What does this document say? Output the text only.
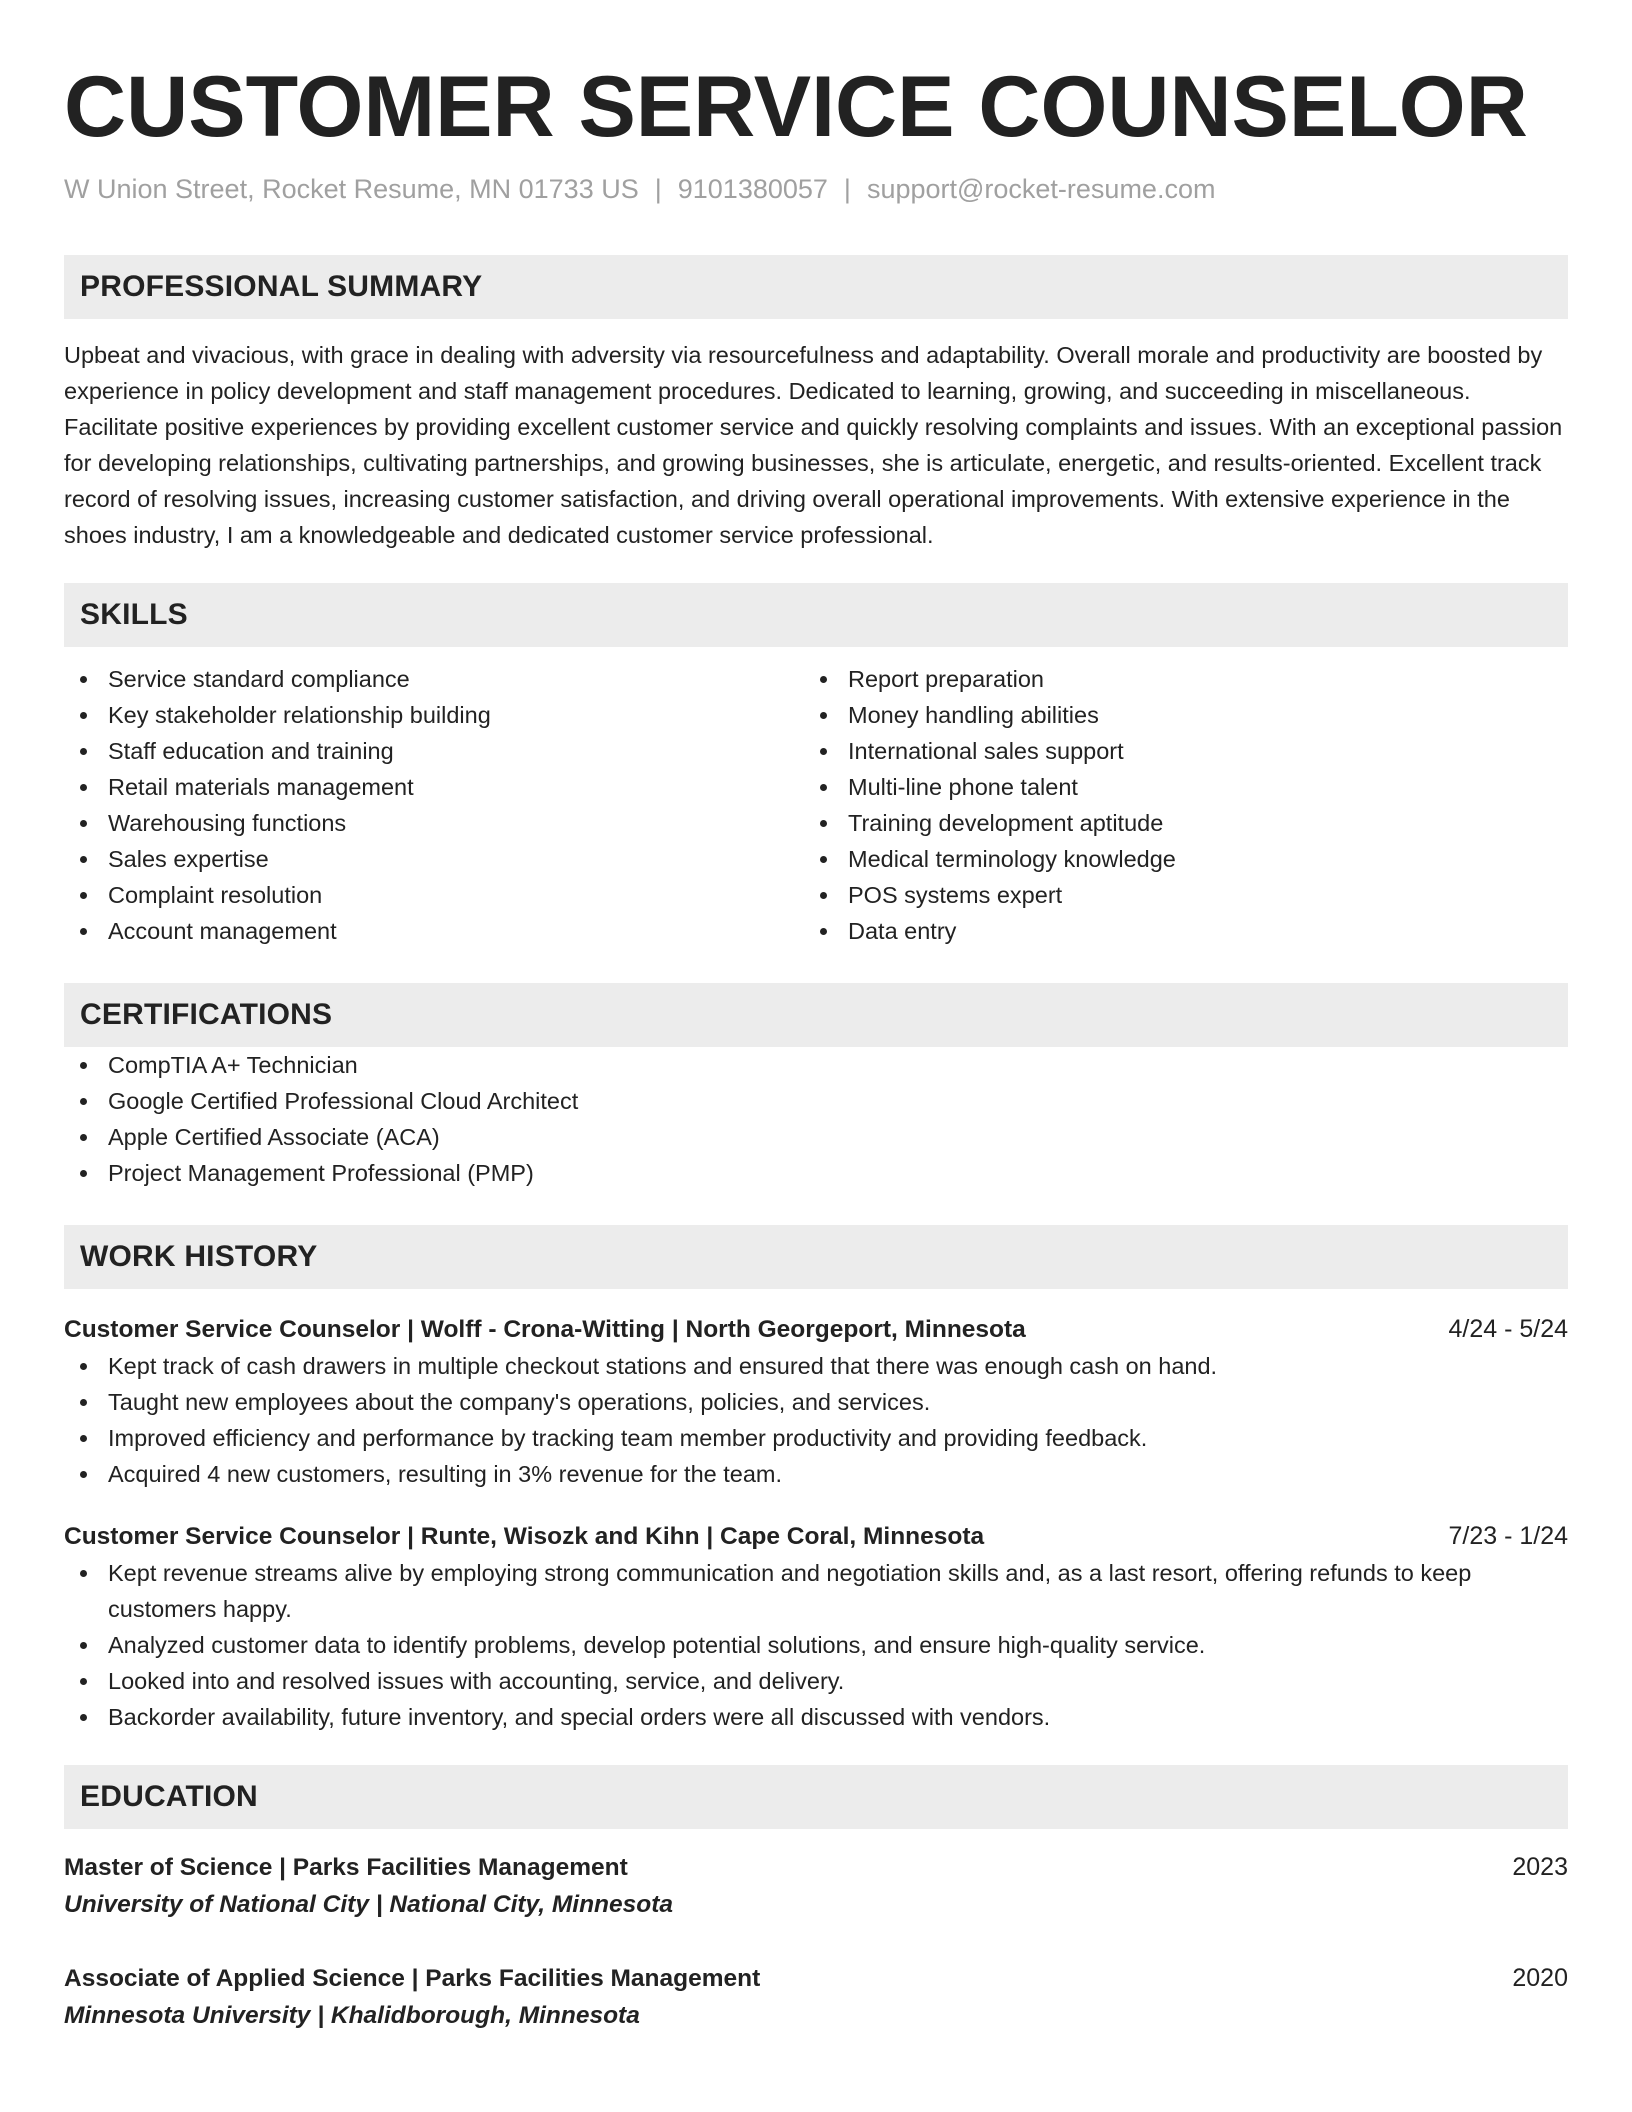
CUSTOMER SERVICE COUNSELOR
W Union Street, Rocket Resume, MN 01733 US | 9101380057 | support@rocket-resume.com
PROFESSIONAL SUMMARY
Upbeat and vivacious, with grace in dealing with adversity via resourcefulness and adaptability. Overall morale and productivity are boosted by experience in policy development and staff management procedures. Dedicated to learning, growing, and succeeding in miscellaneous. Facilitate positive experiences by providing excellent customer service and quickly resolving complaints and issues. With an exceptional passion for developing relationships, cultivating partnerships, and growing businesses, she is articulate, energetic, and results-oriented. Excellent track record of resolving issues, increasing customer satisfaction, and driving overall operational improvements. With extensive experience in the shoes industry, I am a knowledgeable and dedicated customer service professional.
SKILLS
Service standard compliance
Key stakeholder relationship building
Staff education and training
Retail materials management
Warehousing functions
Sales expertise
Complaint resolution
Account management
Report preparation
Money handling abilities
International sales support
Multi-line phone talent
Training development aptitude
Medical terminology knowledge
POS systems expert
Data entry
CERTIFICATIONS
CompTIA A+ Technician
Google Certified Professional Cloud Architect
Apple Certified Associate (ACA)
Project Management Professional (PMP)
WORK HISTORY
Customer Service Counselor | Wolff - Crona-Witting | North Georgeport, Minnesota	4/24 - 5/24
Kept track of cash drawers in multiple checkout stations and ensured that there was enough cash on hand.
Taught new employees about the company's operations, policies, and services.
Improved efficiency and performance by tracking team member productivity and providing feedback.
Acquired 4 new customers, resulting in 3% revenue for the team.
Customer Service Counselor | Runte, Wisozk and Kihn | Cape Coral, Minnesota	7/23 - 1/24
Kept revenue streams alive by employing strong communication and negotiation skills and, as a last resort, offering refunds to keep customers happy.
Analyzed customer data to identify problems, develop potential solutions, and ensure high-quality service.
Looked into and resolved issues with accounting, service, and delivery.
Backorder availability, future inventory, and special orders were all discussed with vendors.
EDUCATION
Master of Science | Parks Facilities Management	2023
University of National City | National City, Minnesota
Associate of Applied Science | Parks Facilities Management	2020
Minnesota University | Khalidborough, Minnesota
